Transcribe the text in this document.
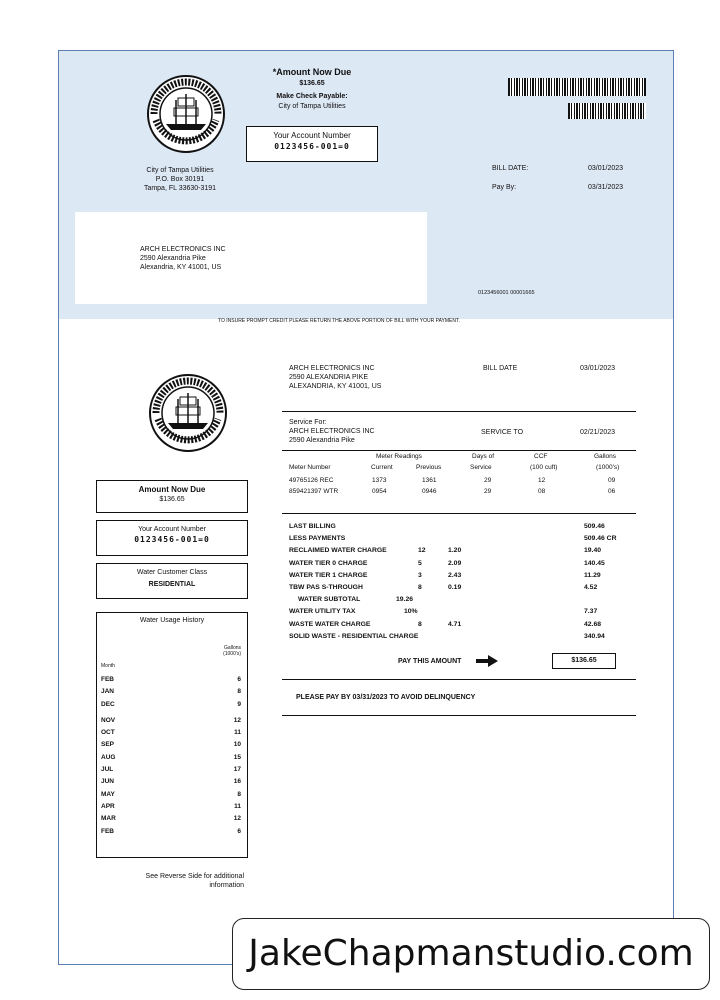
*Amount Now Due
$136.65
Make Check Payable:
City of Tampa Utilities
Your Account Number
0123456-001=0
City of Tampa Utilities
P.O. Box 30191
Tampa, FL 33630-3191
BILL DATE:	03/01/2023
Pay By:	03/31/2023
ARCH ELECTRONICS INC
2590 Alexandria Pike
Alexandria, KY 41001, US
0123456001 00001665
TO INSURE PROMPT CREDIT PLEASE RETURN THE ABOVE PORTION OF BILL WITH YOUR PAYMENT.
Amount Now Due
$136.65
Your Account Number
0123456-001=0
Water Customer Class
RESIDENTIAL
Water Usage History
Month
Gallons
(1000's)
FEB	6
JAN	8
DEC	9
NOV	12
OCT	11
SEP	10
AUG	15
JUL	17
JUN	16
MAY	8
APR	11
MAR	12
FEB	6
See Reverse Side for additional information
ARCH ELECTRONICS INC
2590 ALEXANDRIA PIKE
ALEXANDRIA, KY 41001, US
BILL DATE	03/01/2023
Service For:
ARCH ELECTRONICS INC
2590 Alexandria Pike
SERVICE TO	02/21/2023
Meter Readings	Days of	CCF	Gallons
Meter Number	Current	Previous	Service	(100 cuft)	(1000's)
49765126 REC	1373	1361	29	12	09
859421397 WTR	0954	0946	29	08	06
LAST BILLING	509.46
LESS PAYMENTS	509.46 CR
RECLAIMED WATER CHARGE	12	1.20	19.40
WATER TIER 0 CHARGE	5	2.09	140.45
WATER TIER 1 CHARGE	3	2.43	11.29
TBW PAS S-THROUGH	8	0.19	4.52
WATER SUBTOTAL	19.26
WATER UTILITY TAX	10%	7.37
WASTE WATER CHARGE	8	4.71	42.68
SOLID WASTE - RESIDENTIAL CHARGE	340.94
PAY THIS AMOUNT	$136.65
PLEASE PAY BY 03/31/2023 TO AVOID DELINQUENCY
JakeChapmanstudio.com
